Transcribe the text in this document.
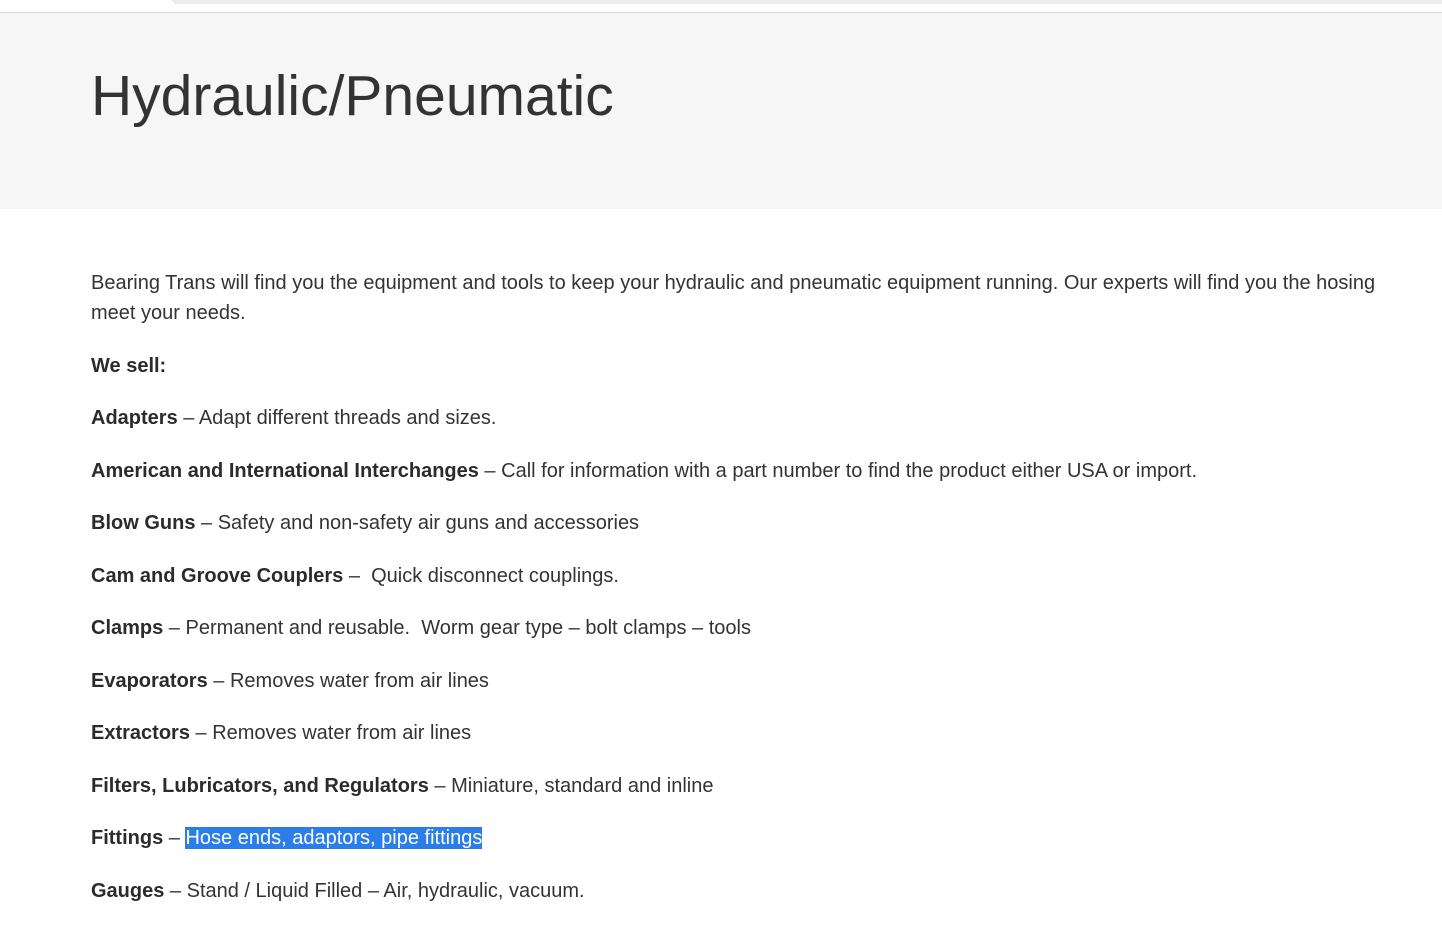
Hydraulic/Pneumatic

Bearing Trans will find you the equipment and tools to keep your hydraulic and pneumatic equipment running. Our experts will find you the hosing
meet your needs.

We sell:

Adapters – Adapt different threads and sizes.

American and International Interchanges – Call for information with a part number to find the product either USA or import.

Blow Guns – Safety and non-safety air guns and accessories

Cam and Groove Couplers –  Quick disconnect couplings.

Clamps – Permanent and reusable.  Worm gear type – bolt clamps – tools

Evaporators – Removes water from air lines

Extractors – Removes water from air lines

Filters, Lubricators, and Regulators – Miniature, standard and inline

Fittings – Hose ends, adaptors, pipe fittings

Gauges – Stand / Liquid Filled – Air, hydraulic, vacuum.
